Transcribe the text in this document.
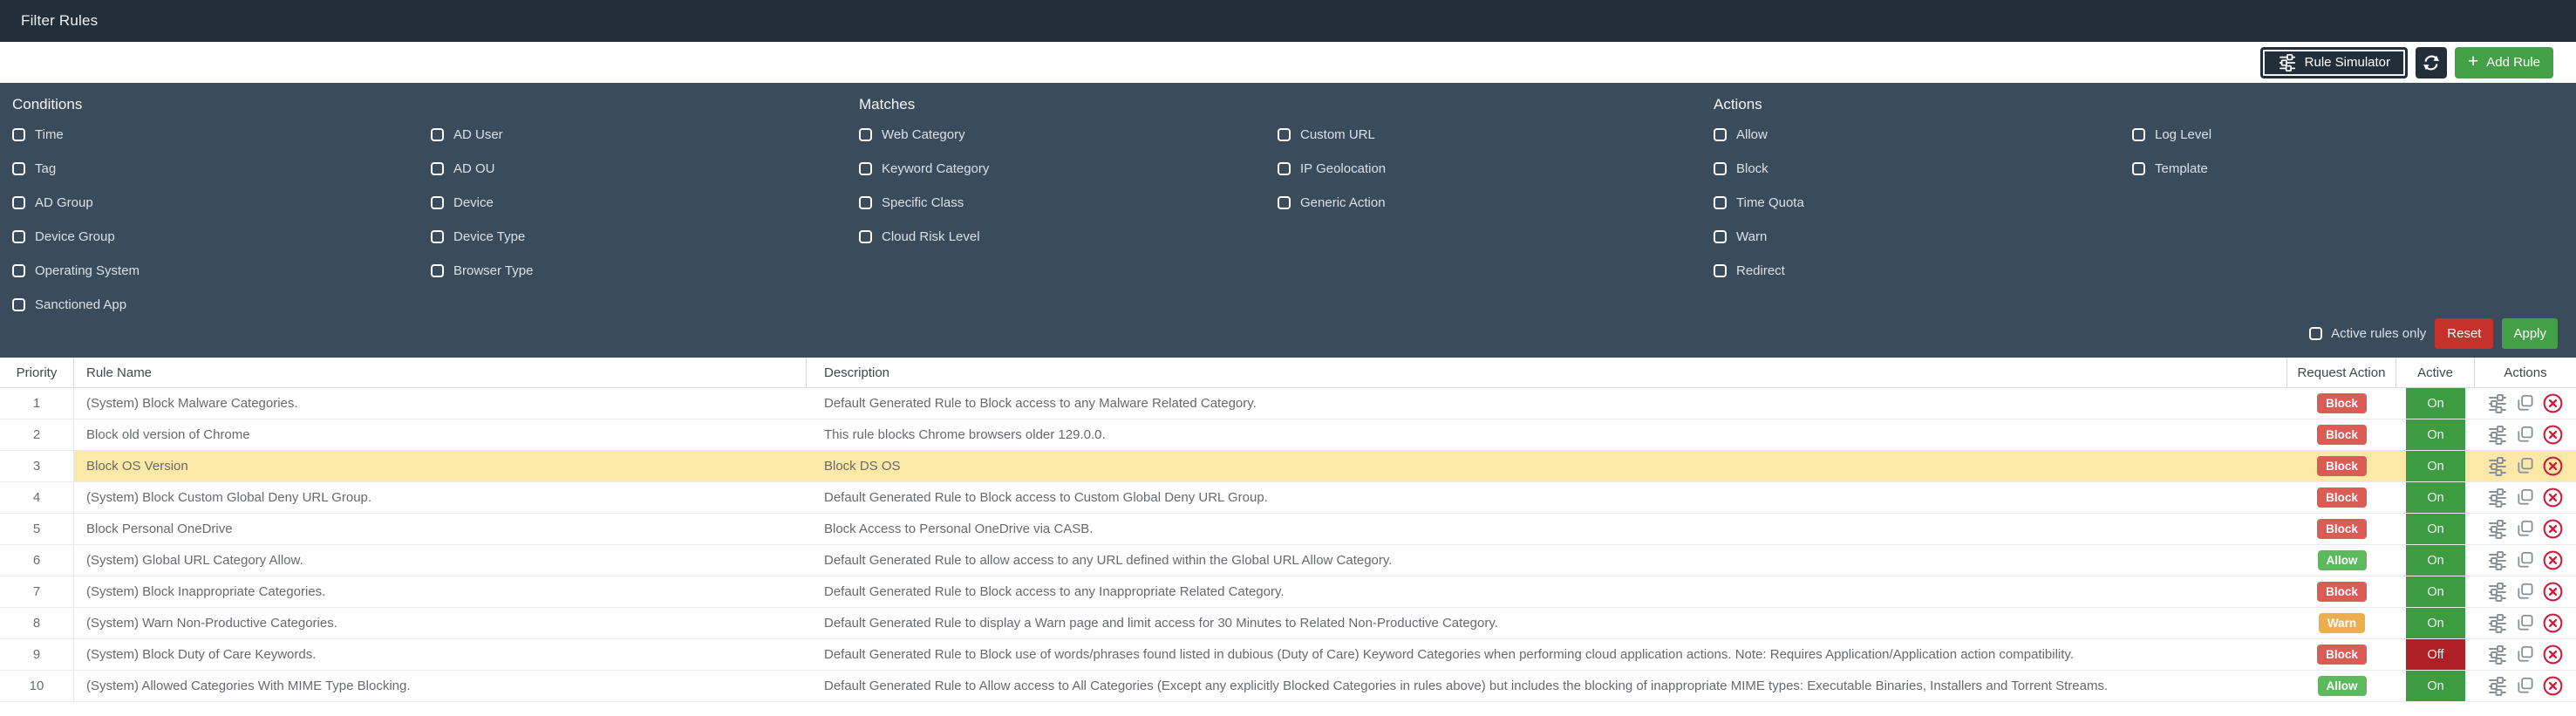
Filter Rules
Rule Simulator	+ Add Rule
Conditions
Time
Tag
AD Group
Device Group
Operating System
Sanctioned App
AD User
AD OU
Device
Device Type
Browser Type
Matches
Web Category
Keyword Category
Specific Class
Cloud Risk Level
Custom URL
IP Geolocation
Generic Action
Actions
Allow
Block
Time Quota
Warn
Redirect
Log Level
Template
Active rules only	Reset	Apply
Priority	Rule Name	Description	Request Action	Active	Actions
1	(System) Block Malware Categories.	Default Generated Rule to Block access to any Malware Related Category.	Block	On
2	Block old version of Chrome	This rule blocks Chrome browsers older 129.0.0.	Block	On
3	Block OS Version	Block DS OS	Block	On
4	(System) Block Custom Global Deny URL Group.	Default Generated Rule to Block access to Custom Global Deny URL Group.	Block	On
5	Block Personal OneDrive	Block Access to Personal OneDrive via CASB.	Block	On
6	(System) Global URL Category Allow.	Default Generated Rule to allow access to any URL defined within the Global URL Allow Category.	Allow	On
7	(System) Block Inappropriate Categories.	Default Generated Rule to Block access to any Inappropriate Related Category.	Block	On
8	(System) Warn Non-Productive Categories.	Default Generated Rule to display a Warn page and limit access for 30 Minutes to Related Non-Productive Category.	Warn	On
9	(System) Block Duty of Care Keywords.	Default Generated Rule to Block use of words/phrases found listed in dubious (Duty of Care) Keyword Categories when performing cloud application actions. Note: Requires Application/Application action compatibility.	Block	Off
10	(System) Allowed Categories With MIME Type Blocking.	Default Generated Rule to Allow access to All Categories (Except any explicitly Blocked Categories in rules above) but includes the blocking of inappropriate MIME types: Executable Binaries, Installers and Torrent Streams.	Allow	On
